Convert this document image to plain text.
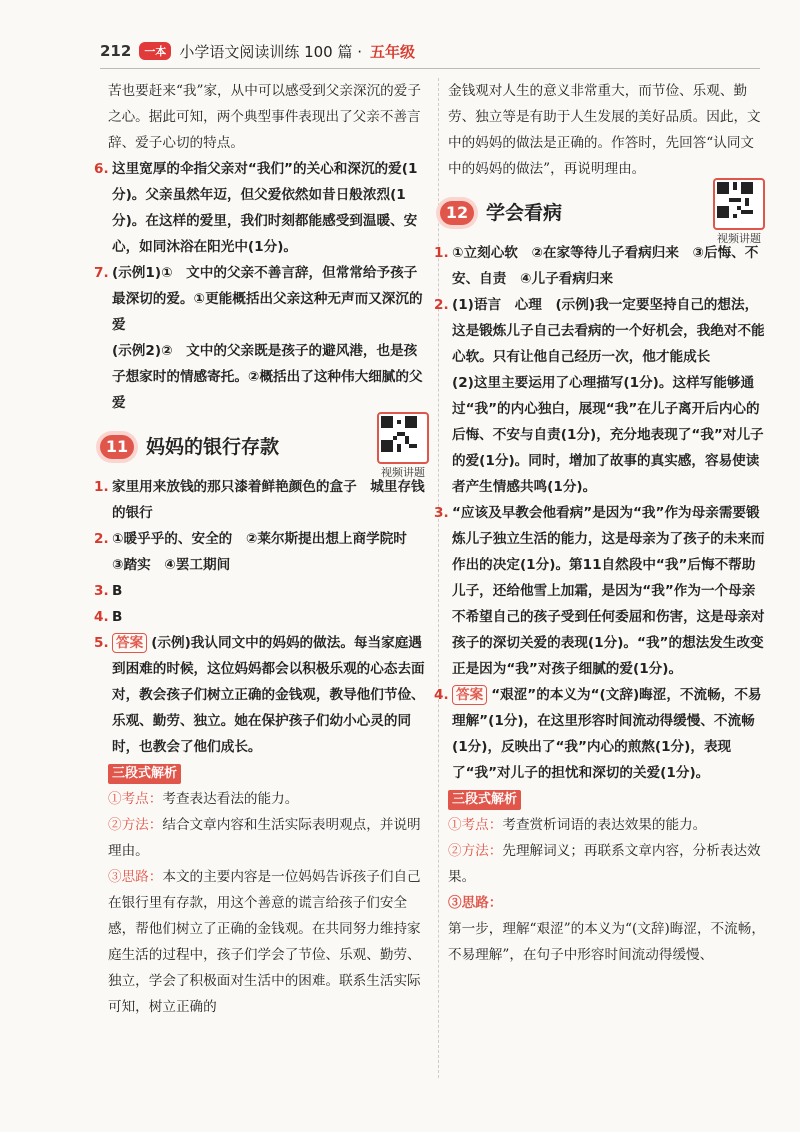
212	一本 小学语文阅读训练 100 篇 · 五年级

苦也要赶来“我”家，从中可以感受到父亲深沉的爱子之心。据此可知，两个典型事件表现出了父亲不善言辞、爱子心切的特点。

6. 这里宽厚的伞指父亲对“我们”的关心和深沉的爱(1分)。父亲虽然年迈，但父爱依然如昔日般浓烈(1分)。在这样的爱里，我们时刻都能感受到温暖、安心，如同沐浴在阳光中(1分)。
7. (示例1)①　文中的父亲不善言辞，但常常给予孩子最深切的爱。①更能概括出父亲这种无声而又深沉的爱
(示例2)②　文中的父亲既是孩子的避风港，也是孩子想家时的情感寄托。②概括出了这种伟大细腻的父爱
11 妈妈的银行存款
视频讲题
1. 家里用来放钱的那只漆着鲜艳颜色的盒子　城里存钱的银行
2. ①暖乎乎的、安全的　②莱尔斯提出想上商学院时　③踏实　④罢工期间
3. B
4. B
5. 答案 (示例)我认同文中的妈妈的做法。每当家庭遇到困难的时候，这位妈妈都会以积极乐观的心态去面对，教会孩子们树立正确的金钱观，教导他们节俭、乐观、勤劳、独立。她在保护孩子们幼小心灵的同时，也教会了他们成长。
三段式解析

①考点：考查表达看法的能力。

②方法：结合文章内容和生活实际表明观点，并说明理由。

③思路：本文的主要内容是一位妈妈告诉孩子们自己在银行里有存款，用这个善意的谎言给孩子们安全感，帮他们树立了正确的金钱观。在共同努力维持家庭生活的过程中，孩子们学会了节俭、乐观、勤劳、独立，学会了积极面对生活中的困难。联系生活实际可知，树立正确的

金钱观对人生的意义非常重大，而节俭、乐观、勤劳、独立等是有助于人生发展的美好品质。因此，文中的妈妈的做法是正确的。作答时，先回答“认同文中的妈妈的做法”，再说明理由。

12 学会看病
视频讲题
1. ①立刻心软　②在家等待儿子看病归来　③后悔、不安、自责　④儿子看病归来
2. (1)语言　心理　(示例)我一定要坚持自己的想法，这是锻炼儿子自己去看病的一个好机会，我绝对不能心软。只有让他自己经历一次，他才能成长
(2)这里主要运用了心理描写(1分)。这样写能够通过“我”的内心独白，展现“我”在儿子离开后内心的后悔、不安与自责(1分)，充分地表现了“我”对儿子的爱(1分)。同时，增加了故事的真实感，容易使读者产生情感共鸣(1分)。
3. “应该及早教会他看病”是因为“我”作为母亲需要锻炼儿子独立生活的能力，这是母亲为了孩子的未来而作出的决定(1分)。第11自然段中“我”后悔不帮助儿子，还给他雪上加霜，是因为“我”作为一个母亲不希望自己的孩子受到任何委屈和伤害，这是母亲对孩子的深切关爱的表现(1分)。“我”的想法发生改变正是因为“我”对孩子细腻的爱(1分)。
4. 答案 “艰涩”的本义为“(文辞)晦涩，不流畅，不易理解”(1分)，在这里形容时间流动得缓慢、不流畅(1分)，反映出了“我”内心的煎熬(1分)，表现了“我”对儿子的担忧和深切的关爱(1分)。
三段式解析

①考点：考查赏析词语的表达效果的能力。

②方法：先理解词义；再联系文章内容，分析表达效果。

③思路：

第一步，理解“艰涩”的本义为“(文辞)晦涩，不流畅，不易理解”，在句子中形容时间流动得缓慢、
